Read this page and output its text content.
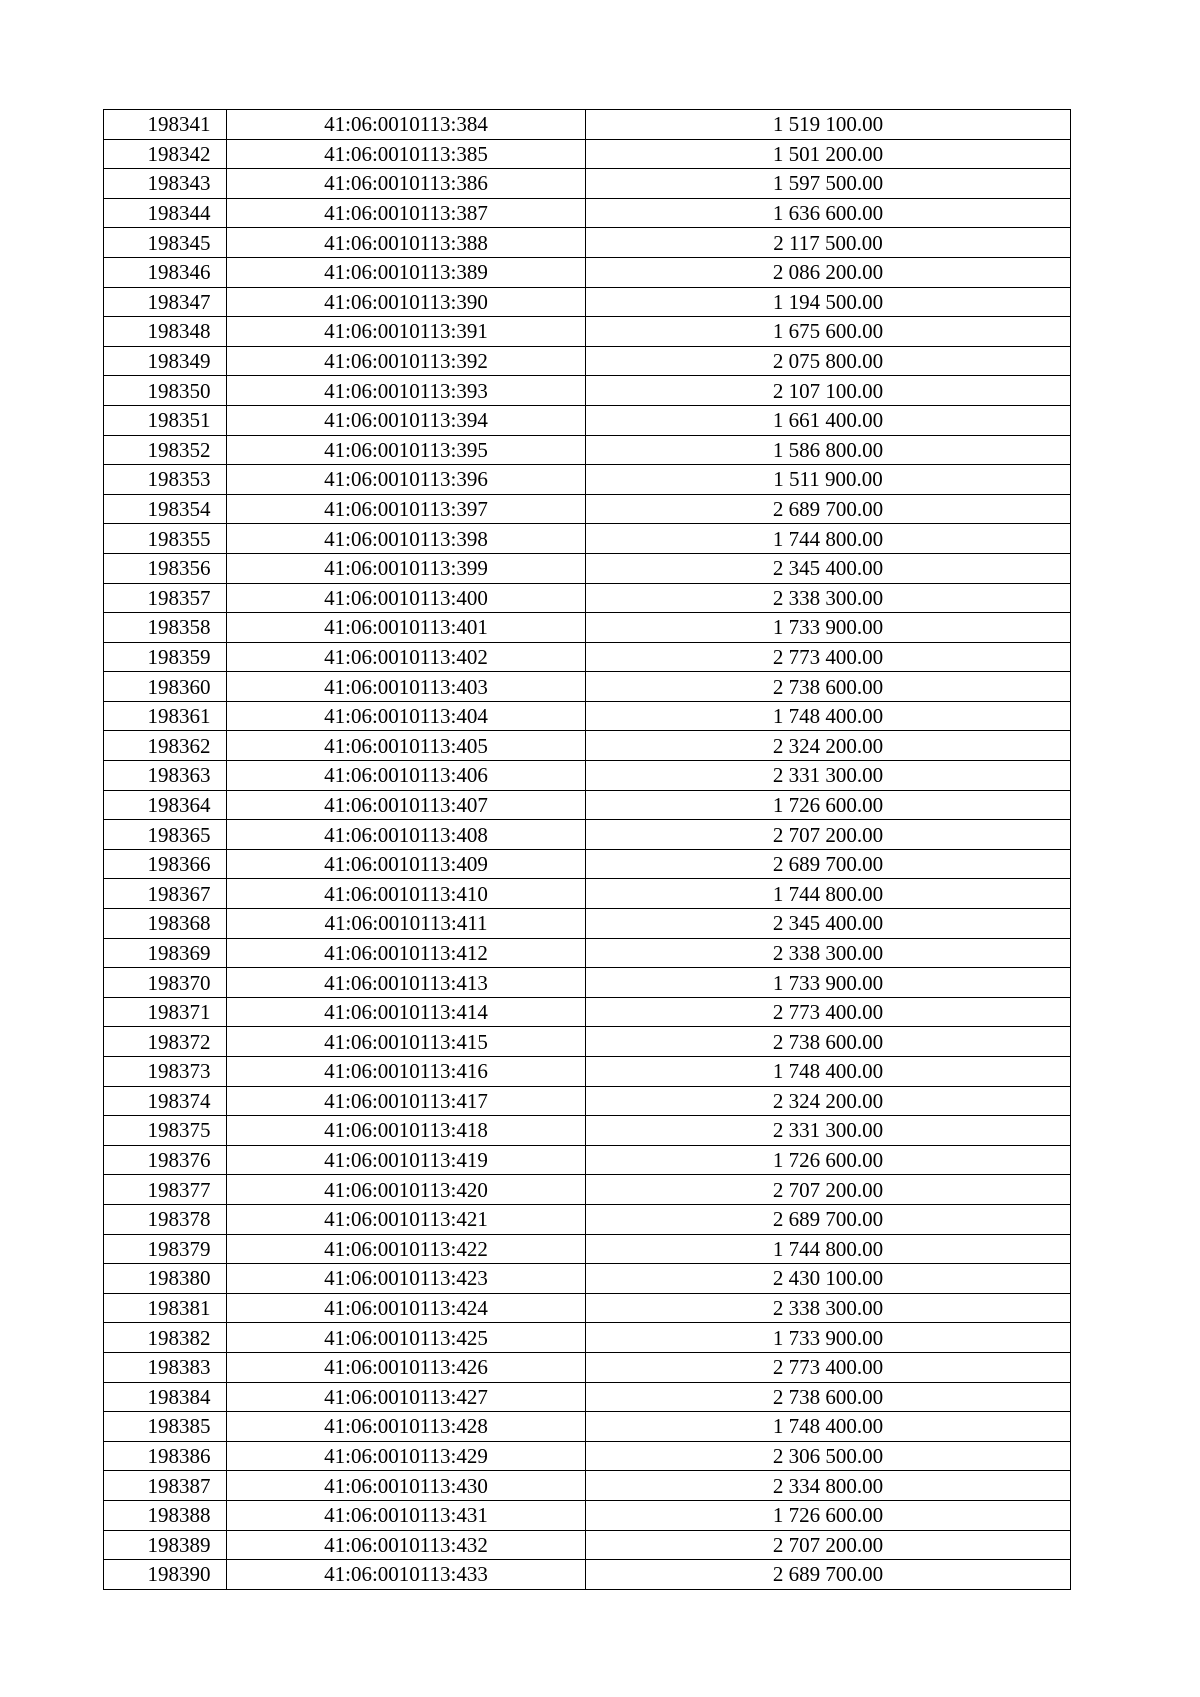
198341	41:06:0010113:384	1 519 100.00
198342	41:06:0010113:385	1 501 200.00
198343	41:06:0010113:386	1 597 500.00
198344	41:06:0010113:387	1 636 600.00
198345	41:06:0010113:388	2 117 500.00
198346	41:06:0010113:389	2 086 200.00
198347	41:06:0010113:390	1 194 500.00
198348	41:06:0010113:391	1 675 600.00
198349	41:06:0010113:392	2 075 800.00
198350	41:06:0010113:393	2 107 100.00
198351	41:06:0010113:394	1 661 400.00
198352	41:06:0010113:395	1 586 800.00
198353	41:06:0010113:396	1 511 900.00
198354	41:06:0010113:397	2 689 700.00
198355	41:06:0010113:398	1 744 800.00
198356	41:06:0010113:399	2 345 400.00
198357	41:06:0010113:400	2 338 300.00
198358	41:06:0010113:401	1 733 900.00
198359	41:06:0010113:402	2 773 400.00
198360	41:06:0010113:403	2 738 600.00
198361	41:06:0010113:404	1 748 400.00
198362	41:06:0010113:405	2 324 200.00
198363	41:06:0010113:406	2 331 300.00
198364	41:06:0010113:407	1 726 600.00
198365	41:06:0010113:408	2 707 200.00
198366	41:06:0010113:409	2 689 700.00
198367	41:06:0010113:410	1 744 800.00
198368	41:06:0010113:411	2 345 400.00
198369	41:06:0010113:412	2 338 300.00
198370	41:06:0010113:413	1 733 900.00
198371	41:06:0010113:414	2 773 400.00
198372	41:06:0010113:415	2 738 600.00
198373	41:06:0010113:416	1 748 400.00
198374	41:06:0010113:417	2 324 200.00
198375	41:06:0010113:418	2 331 300.00
198376	41:06:0010113:419	1 726 600.00
198377	41:06:0010113:420	2 707 200.00
198378	41:06:0010113:421	2 689 700.00
198379	41:06:0010113:422	1 744 800.00
198380	41:06:0010113:423	2 430 100.00
198381	41:06:0010113:424	2 338 300.00
198382	41:06:0010113:425	1 733 900.00
198383	41:06:0010113:426	2 773 400.00
198384	41:06:0010113:427	2 738 600.00
198385	41:06:0010113:428	1 748 400.00
198386	41:06:0010113:429	2 306 500.00
198387	41:06:0010113:430	2 334 800.00
198388	41:06:0010113:431	1 726 600.00
198389	41:06:0010113:432	2 707 200.00
198390	41:06:0010113:433	2 689 700.00
